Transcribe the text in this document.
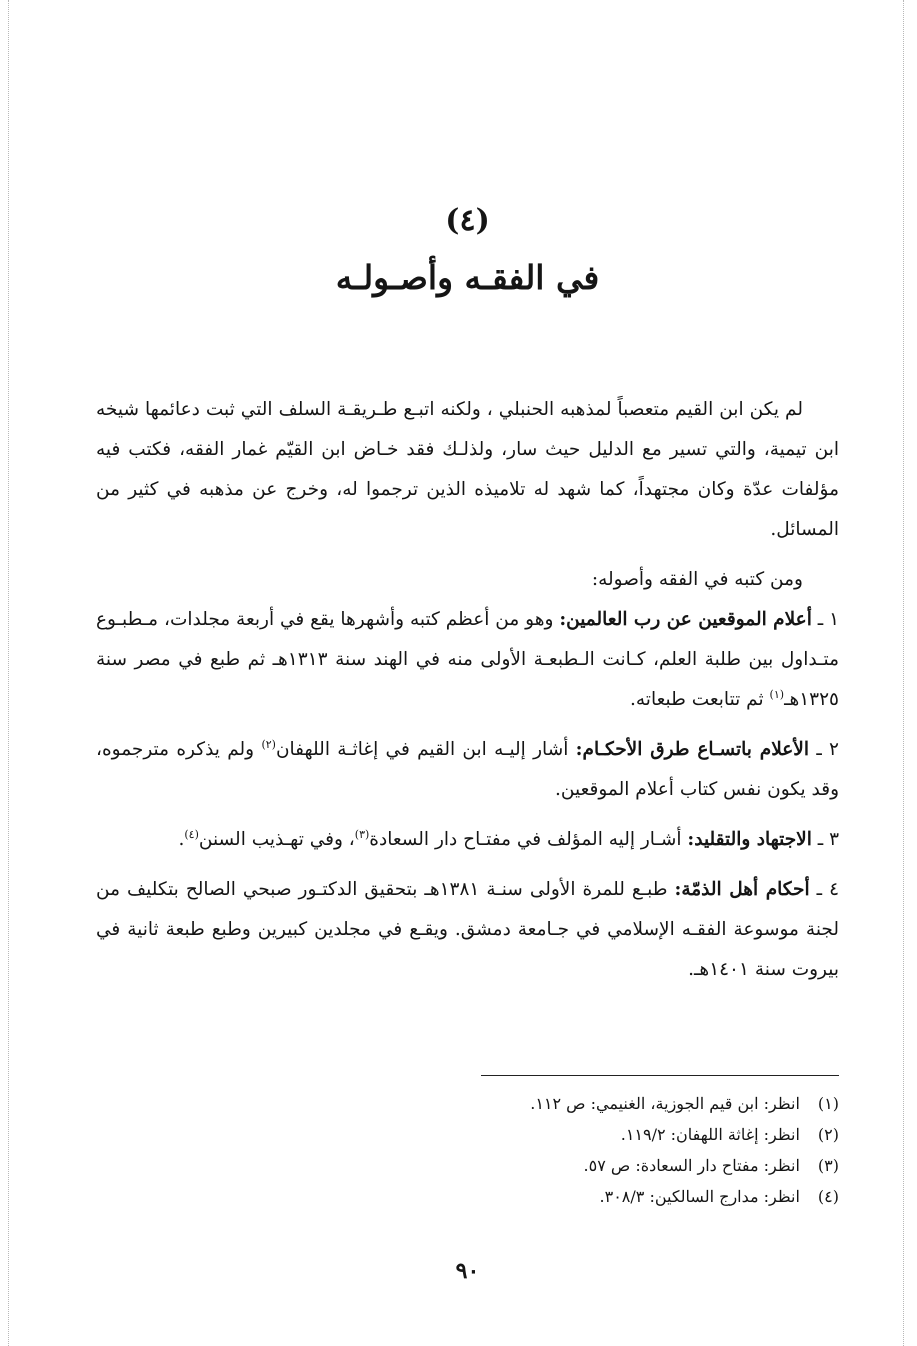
(٤)
في الفقـه وأصـولـه

لم يكن ابن القيم متعصباً لمذهبه الحنبلي ، ولكنه اتبـع طـريقـة السلف التي ثبت دعائمها شيخه ابن تيمية، والتي تسير مع الدليل حيث سار، ولذلـك فقد خـاض ابن القيّم غمار الفقه، فكتب فيه مؤلفات عدّة وكان مجتهداً، كما شهد له تلاميذه الذين ترجموا له، وخرج عن مذهبه في كثير من المسائل.

ومن كتبه في الفقه وأصوله:

١ ـ أعلام الموقعين عن رب العالمين: وهو من أعظم كتبه وأشهرها يقع في أربعة مجلدات، مـطبـوع متـداول بين طلبة العلم، كـانت الـطبعـة الأولى منه في الهند سنة ١٣١٣هـ ثم طبع في مصر سنة ١٣٢٥هـ$^{(١)}$ ثم تتابعت طبعاته.

٢ ـ الأعلام باتسـاع طرق الأحكـام: أشار إليـه ابن القيم في إغاثـة اللهفان$^{(٢)}$ ولم يذكره مترجموه، وقد يكون نفس كتاب أعلام الموقعين.

٣ ـ الاجتهاد والتقليد: أشـار إليه المؤلف في مفتـاح دار السعادة$^{(٣)}$، وفي تهـذيب السنن$^{(٤)}$.

٤ ـ أحكام أهل الذمّة: طبـع للمرة الأولى سنـة ١٣٨١هـ بتحقيق الدكتـور صبحي الصالح بتكليف من لجنة موسوعة الفقـه الإسلامي في جـامعة دمشق. ويقـع في مجلدين كبيرين وطبع طبعة ثانية في بيروت سنة ١٤٠١هـ.

(١) انظر: ابن قيم الجوزية، الغنيمي: ص ١١٢.
(٢) انظر: إغاثة اللهفان: ١١٩/٢.
(٣) انظر: مفتاح دار السعادة: ص ٥٧.
(٤) انظر: مدارج السالكين: ٣٠٨/٣.
٩٠
